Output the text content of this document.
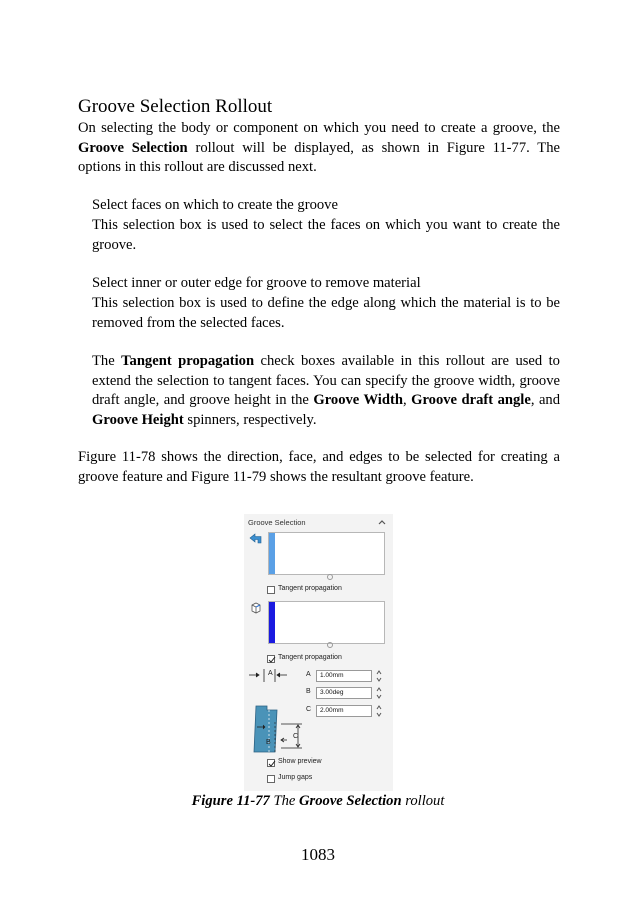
Groove Selection Rollout
On selecting the body or component on which you need to create a groove, the Groove Selection rollout will be displayed, as shown in Figure 11-77. The options in this rollout are discussed next.
Select faces on which to create the groove
This selection box is used to select the faces on which you want to create the groove.
Select inner or outer edge for groove to remove material
This selection box is used to define the edge along which the material is to be removed from the selected faces.
The Tangent propagation check boxes available in this rollout are used to extend the selection to tangent faces. You can specify the groove width, groove draft angle, and groove height in the Groove Width, Groove draft angle, and Groove Height spinners, respectively.
Figure 11-78 shows the direction, face, and edges to be selected for creating a groove feature and Figure 11-79 shows the resultant groove feature.
Groove Selection
Tangent propagation
Tangent propagation
A
B
C
A	1.00mm
B	3.00deg
C	2.00mm
Show preview
Jump gaps
Figure 11-77 The Groove Selection rollout
1083
